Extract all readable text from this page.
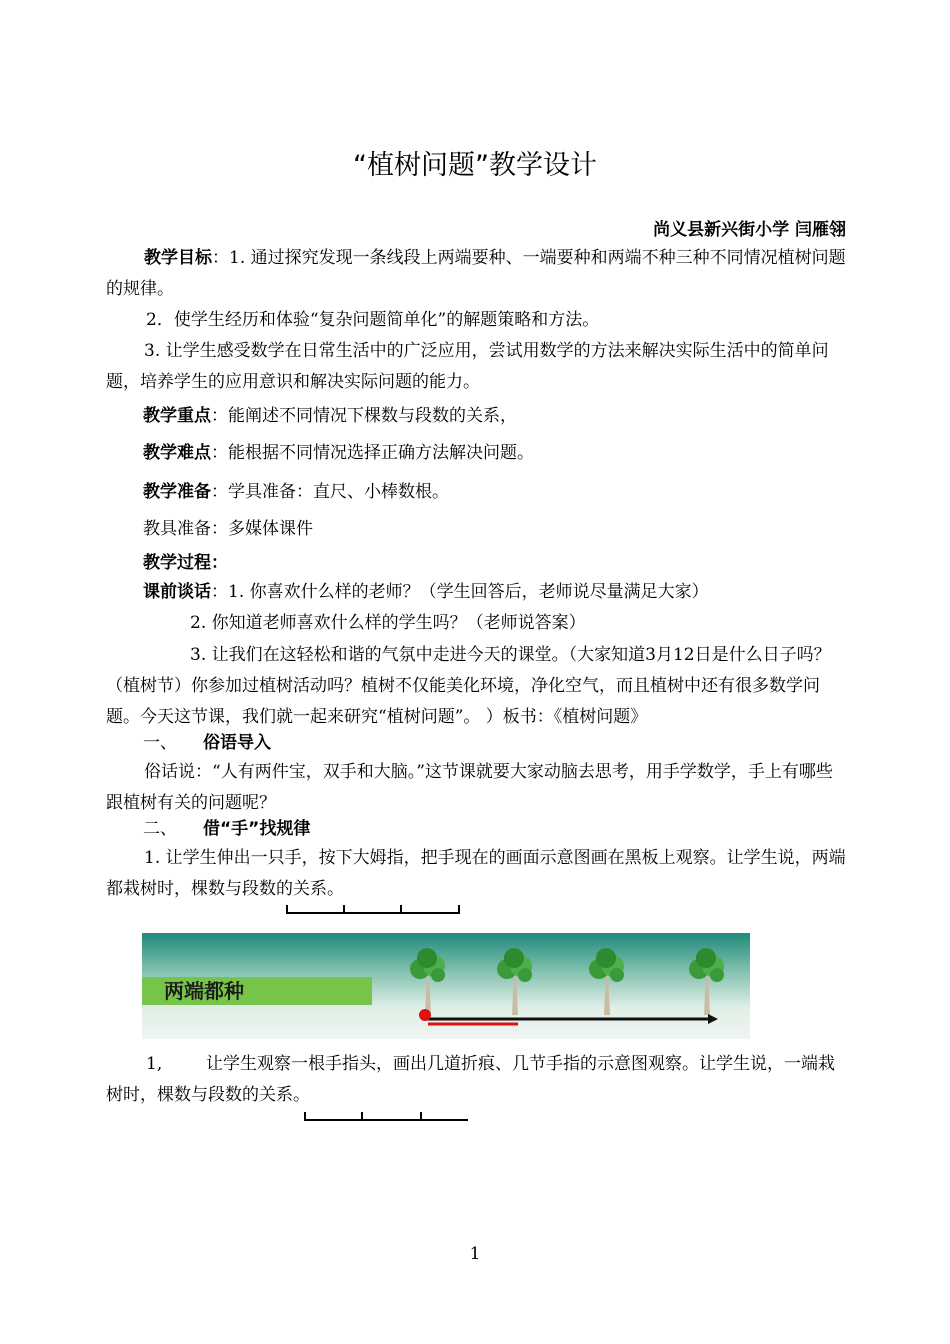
“植树问题”教学设计
尚义县新兴街小学 闫雁翎
教学目标：1. 通过探究发现一条线段上两端要种、一端要种和两端不种三种不同情况植树问题的规律。
2．使学生经历和体验“复杂问题简单化”的解题策略和方法。
3. 让学生感受数学在日常生活中的广泛应用，尝试用数学的方法来解决实际生活中的简单问题，培养学生的应用意识和解决实际问题的能力。
教学重点：能阐述不同情况下棵数与段数的关系，
教学难点：能根据不同情况选择正确方法解决问题。
教学准备：学具准备：直尺、小棒数根。
教具准备：多媒体课件
教学过程：
课前谈话：1. 你喜欢什么样的老师？（学生回答后，老师说尽量满足大家）
2. 你知道老师喜欢什么样的学生吗？（老师说答案）
3. 让我们在这轻松和谐的气氛中走进今天的课堂。（大家知道3月12日是什么日子吗？（植树节）你参加过植树活动吗？植树不仅能美化环境，净化空气，而且植树中还有很多数学问题。今天这节课，我们就一起来研究“植树问题”。 ）板书：《植树问题》
一、 俗语导入
俗话说：“人有两件宝，双手和大脑。”这节课就要大家动脑去思考，用手学数学，手上有哪些跟植树有关的问题呢？
二、 借“手”找规律
1. 让学生伸出一只手，按下大姆指，把手现在的画面示意图画在黑板上观察。让学生说，两端都栽树时，棵数与段数的关系。
两端都种
1,	让学生观察一根手指头，画出几道折痕、几节手指的示意图观察。让学生说，一端栽树时，棵数与段数的关系。
1
